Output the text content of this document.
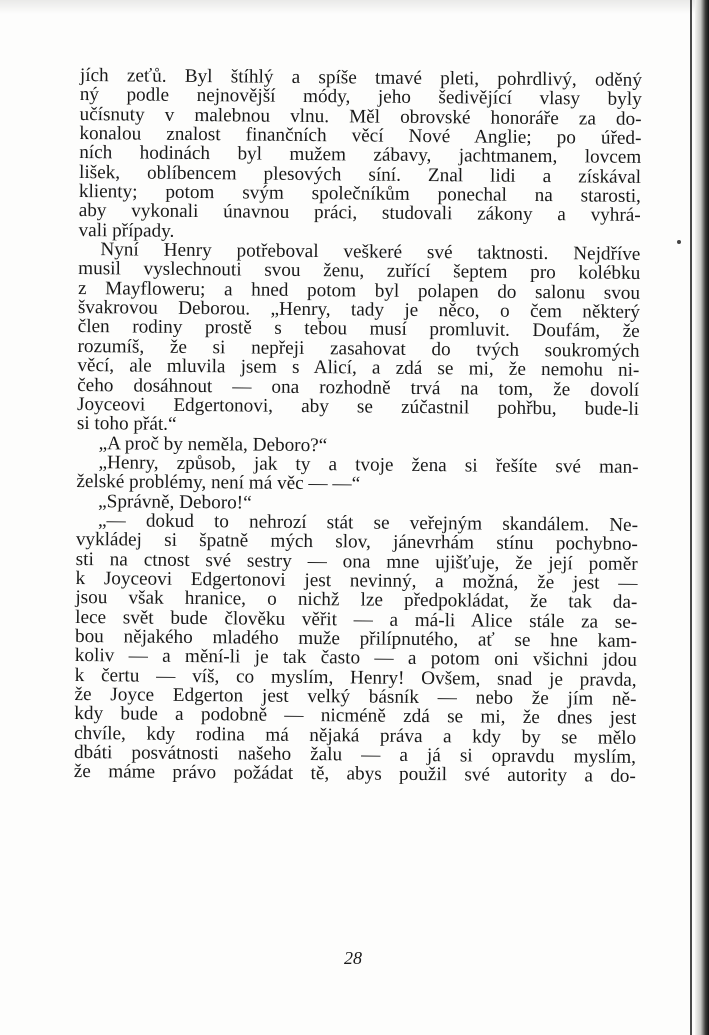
jích zeťů. Byl štíhlý a spíše tmavé pleti, pohrdlivý, oděný
ný podle nejnovější módy, jeho šedivějící vlasy byly
učísnuty v malebnou vlnu. Měl obrovské honoráře za do-
konalou znalost finančních věcí Nové Anglie; po úřed-
ních hodinách byl mužem zábavy, jachtmanem, lovcem
lišek, oblíbencem plesových síní. Znal lidi a získával
klienty; potom svým společníkům ponechal na starosti,
aby vykonali únavnou práci, studovali zákony a vyhrá-
vali případy.
Nyní Henry potřeboval veškeré své taktnosti. Nejdříve
musil vyslechnouti svou ženu, zuřící šeptem pro kolébku
z Mayfloweru; a hned potom byl polapen do salonu svou
švakrovou Deborou. „Henry, tady je něco, o čem některý
člen rodiny prostě s tebou musí promluvit. Doufám, že
rozumíš, že si nepřeji zasahovat do tvých soukromých
věcí, ale mluvila jsem s Alicí, a zdá se mi, že nemohu ni-
čeho dosáhnout — ona rozhodně trvá na tom, že dovolí
Joyceovi Edgertonovi, aby se zúčastnil pohřbu, bude-li
si toho přát.“
„A proč by neměla, Deboro?“
„Henry, způsob, jak ty a tvoje žena si řešíte své man-
želské problémy, není má věc — —“
„Správně, Deboro!“
„— dokud to nehrozí stát se veřejným skandálem. Ne-
vykládej si špatně mých slov, jánevrhám stínu pochybno-
sti na ctnost své sestry — ona mne ujišťuje, že její poměr
k Joyceovi Edgertonovi jest nevinný, a možná, že jest —
jsou však hranice, o nichž lze předpokládat, že tak da-
lece svět bude člověku věřit — a má-li Alice stále za se-
bou nějakého mladého muže přilípnutého, ať se hne kam-
koliv — a mění-li je tak často — a potom oni všichni jdou
k čertu — víš, co myslím, Henry! Ovšem, snad je pravda,
že Joyce Edgerton jest velký básník — nebo že jím ně-
kdy bude a podobně — nicméně zdá se mi, že dnes jest
chvíle, kdy rodina má nějaká práva a kdy by se mělo
dbáti posvátnosti našeho žalu — a já si opravdu myslím,
že máme právo požádat tě, abys použil své autority a do-
28
